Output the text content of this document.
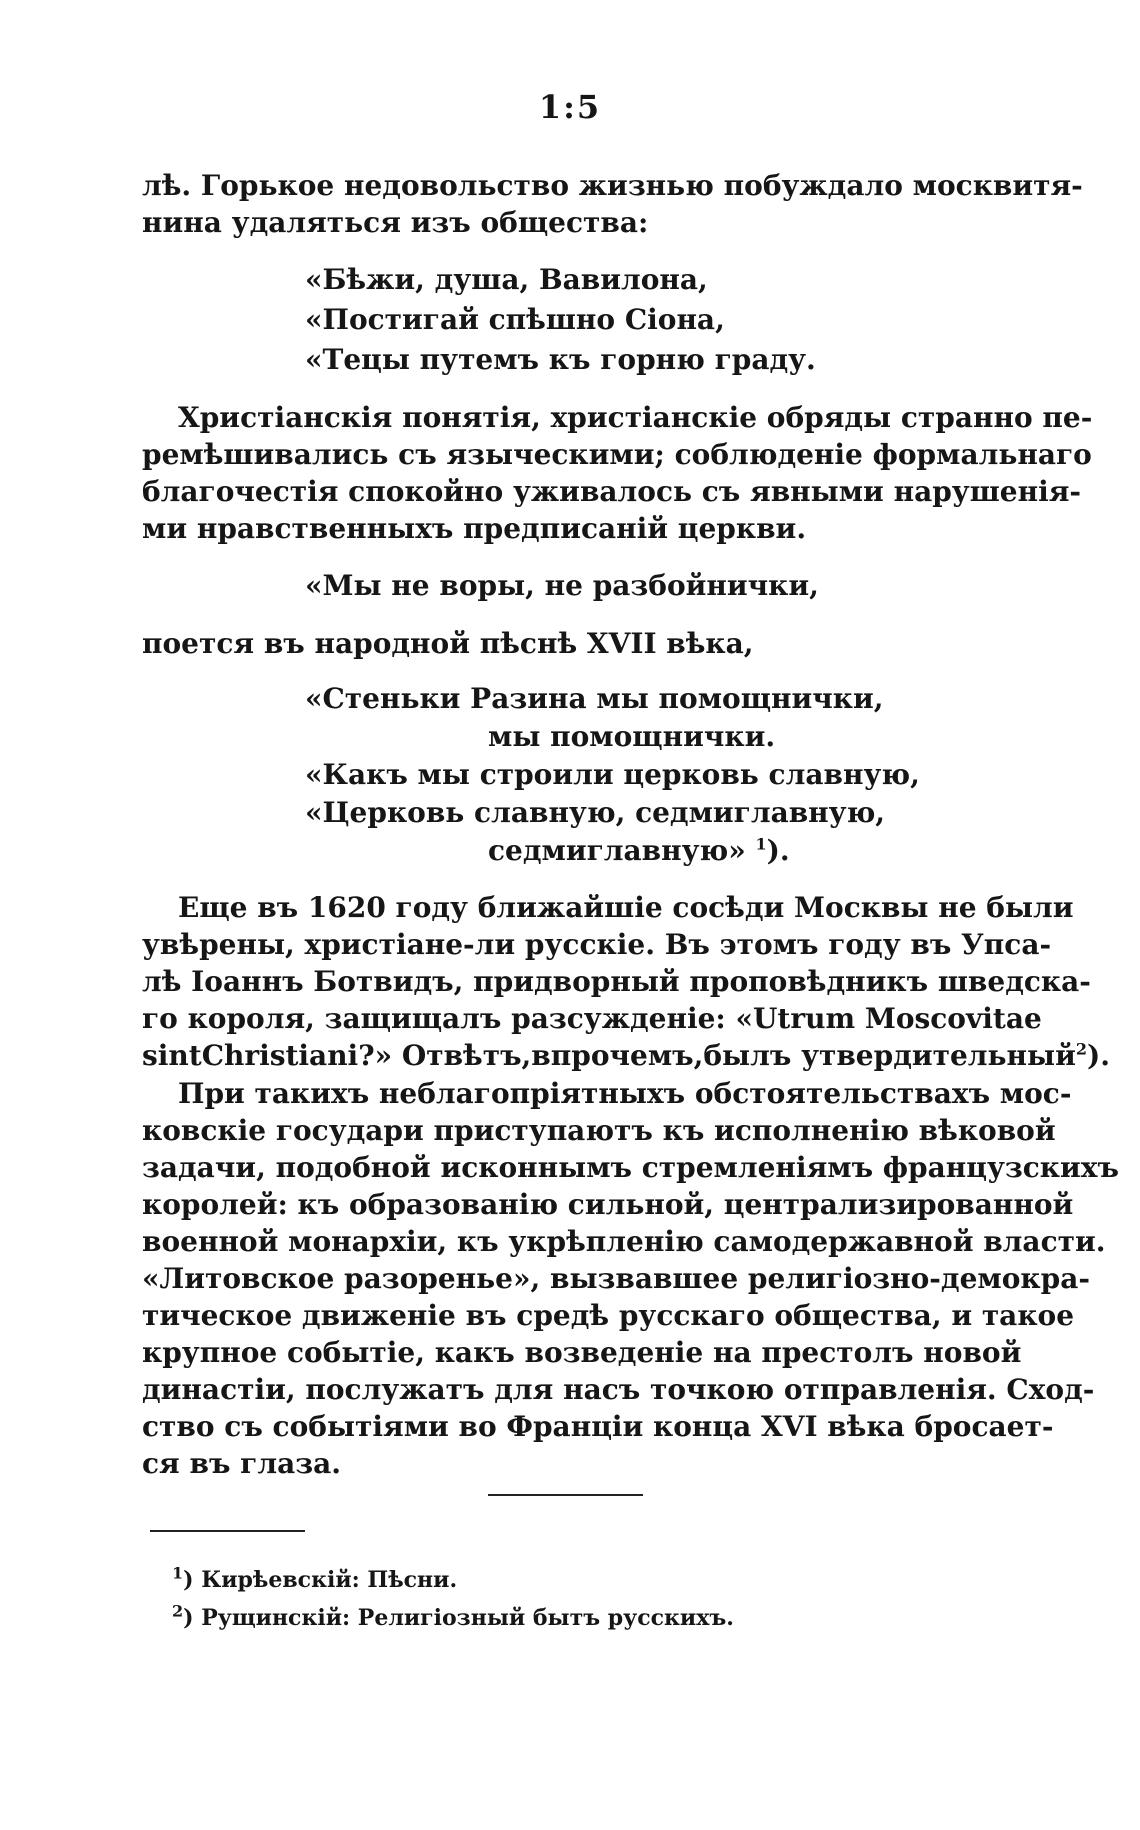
1:5
лѣ. Горькое недовольство жизнью побуждало москвитя-
нина удаляться изъ общества:
«Бѣжи, душа, Вавилона,
«Постигай спѣшно Сіона,
«Тецы путемъ къ горню граду.
Христіанскія понятія, христіанскіе обряды странно пе-
ремѣшивались съ языческими; соблюденіе формальнаго
благочестія спокойно уживалось съ явными нарушенія-
ми нравственныхъ предписаній церкви.
«Мы не воры, не разбойнички,
поется въ народной пѣснѣ XVII вѣка,
«Стеньки Разина мы помощнички,
мы помощнички.
«Какъ мы строили церковь славную,
«Церковь славную, седмиглавную,
седмиглавную» $^1$).
Еще въ 1620 году ближайшіе сосѣди Москвы не были
увѣрены, христіане-ли русскіе. Въ этомъ году въ Упса-
лѣ Іоаннъ Ботвидъ, придворный проповѣдникъ шведска-
го короля, защищалъ разсужденіе: «Utrum Moscovitae
sintChristiani?» Отвѣтъ,впрочемъ,былъ утвердительный$^2$).
При такихъ неблагопріятныхъ обстоятельствахъ мос-
ковскіе государи приступаютъ къ исполненію вѣковой
задачи, подобной исконнымъ стремленіямъ французскихъ
королей: къ образованію сильной, централизированной
военной монархіи, къ укрѣпленію самодержавной власти.
«Литовское разоренье», вызвавшее религіозно-демокра-
тическое движеніе въ средѣ русскаго общества, и такое
крупное событіе, какъ возведеніе на престолъ новой
династіи, послужатъ для насъ точкою отправленія. Сход-
ство съ событіями во Франціи конца XVI вѣка бросает-
ся въ глаза.
$^1$) Кирѣевскій: Пѣсни.
$^2$) Рущинскій: Религіозный бытъ русскихъ.
